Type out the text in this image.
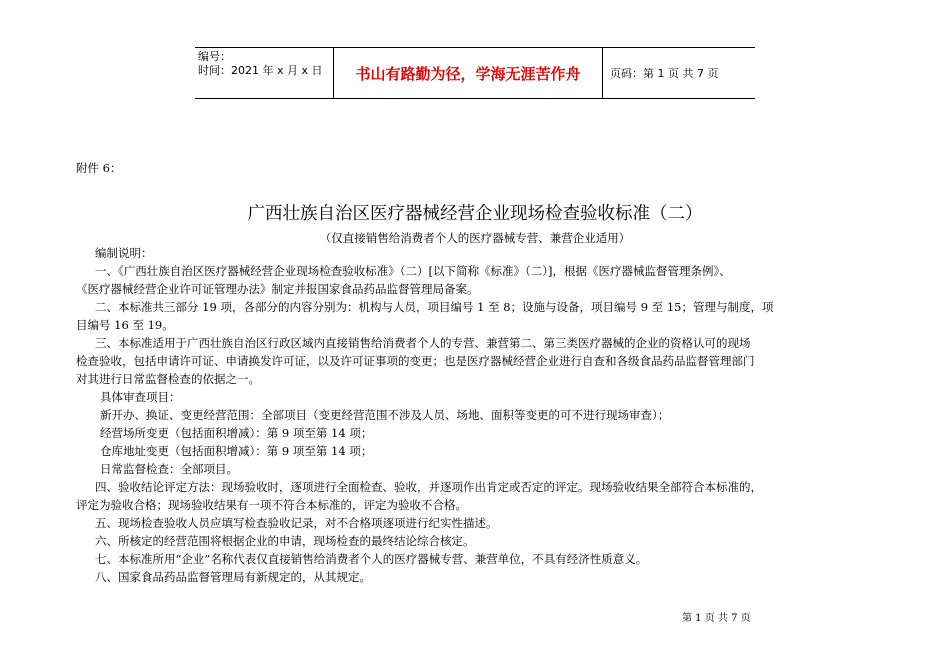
编号：
时间：2021 年 x 月 x 日 书山有路勤为径，学海无涯苦作舟	页码：第 1 页 共 7 页
附件 6：
广西壮族自治区医疗器械经营企业现场检查验收标准（二）
（仅直接销售给消费者个人的医疗器械专营、兼营企业适用）
编制说明：
一、《广西壮族自治区医疗器械经营企业现场检查验收标准》（二）[以下简称《标准》（二）]，根据《医疗器械监督管理条例》、
《医疗器械经营企业许可证管理办法》制定并报国家食品药品监督管理局备案。
二、本标准共三部分 19 项，各部分的内容分别为：机构与人员，项目编号 1 至 8；设施与设备，项目编号 9 至 15；管理与制度，项
目编号 16 至 19。
三、本标准适用于广西壮族自治区行政区域内直接销售给消费者个人的专营、兼营第二、第三类医疗器械的企业的资格认可的现场
检查验收，包括申请许可证、申请换发许可证，以及许可证事项的变更；也是医疗器械经营企业进行自查和各级食品药品监督管理部门
对其进行日常监督检查的依据之一。
具体审查项目：
新开办、换证、变更经营范围：全部项目（变更经营范围不涉及人员、场地、面积等变更的可不进行现场审查）；
经营场所变更（包括面积增减）：第 9 项至第 14 项；
仓库地址变更（包括面积增减）：第 9 项至第 14 项；
日常监督检查：全部项目。
四、验收结论评定方法：现场验收时，逐项进行全面检查、验收，并逐项作出肯定或否定的评定。现场验收结果全部符合本标准的，
评定为验收合格；现场验收结果有一项不符合本标准的，评定为验收不合格。
五、现场检查验收人员应填写检查验收记录，对不合格项逐项进行纪实性描述。
六、所核定的经营范围将根据企业的申请，现场检查的最终结论综合核定。
七、本标准所用“企业”名称代表仅直接销售给消费者个人的医疗器械专营、兼营单位，不具有经济性质意义。
八、国家食品药品监督管理局有新规定的，从其规定。
第 1 页 共 7 页
